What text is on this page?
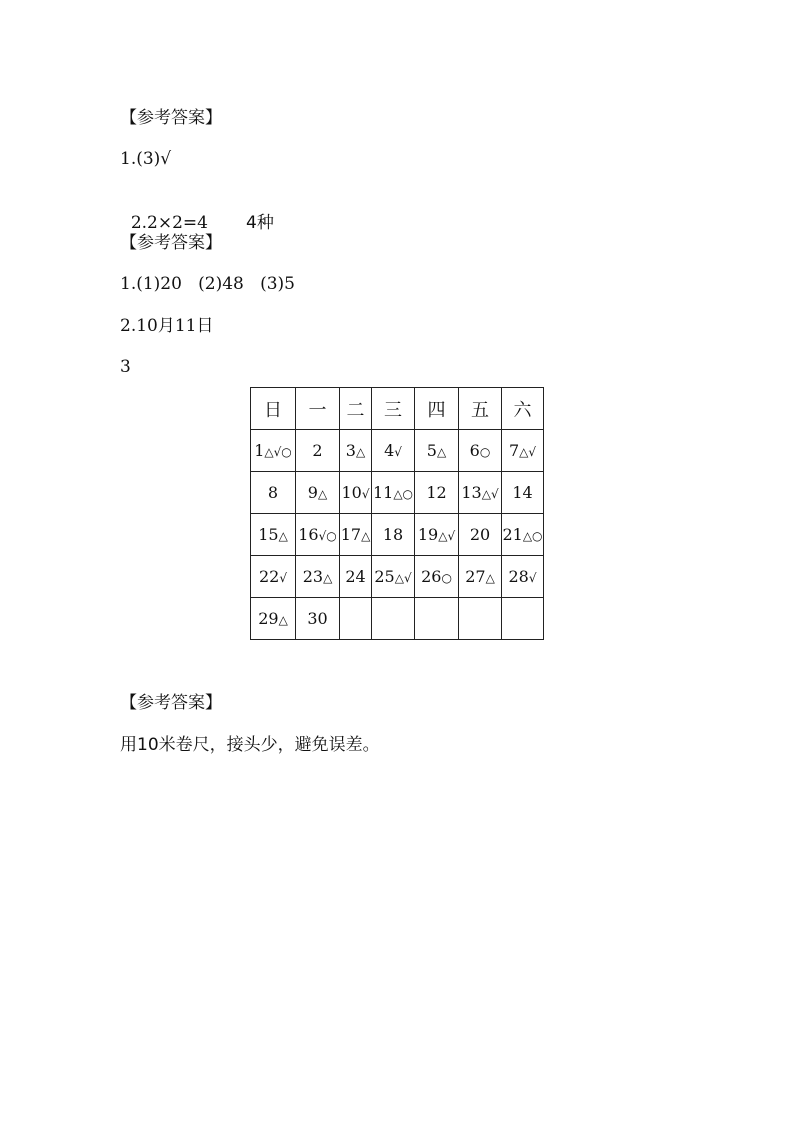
【参考答案】
1.(3)√

2.2×2=4 4种

【参考答案】
1.(1)20   (2)48   (3)5
2.10月11日
3
日	一	二	三	四	五	六
1△√○	2	3△	4√	5△	6○	7△√
8	9△	10√	11△○	12	13△√	14
15△	16√○	17△	18	19△√	20	21△○
22√	23△	24	25△√	26○	27△	28√
29△	30					
【参考答案】
用10米卷尺，接头少，避免误差。
